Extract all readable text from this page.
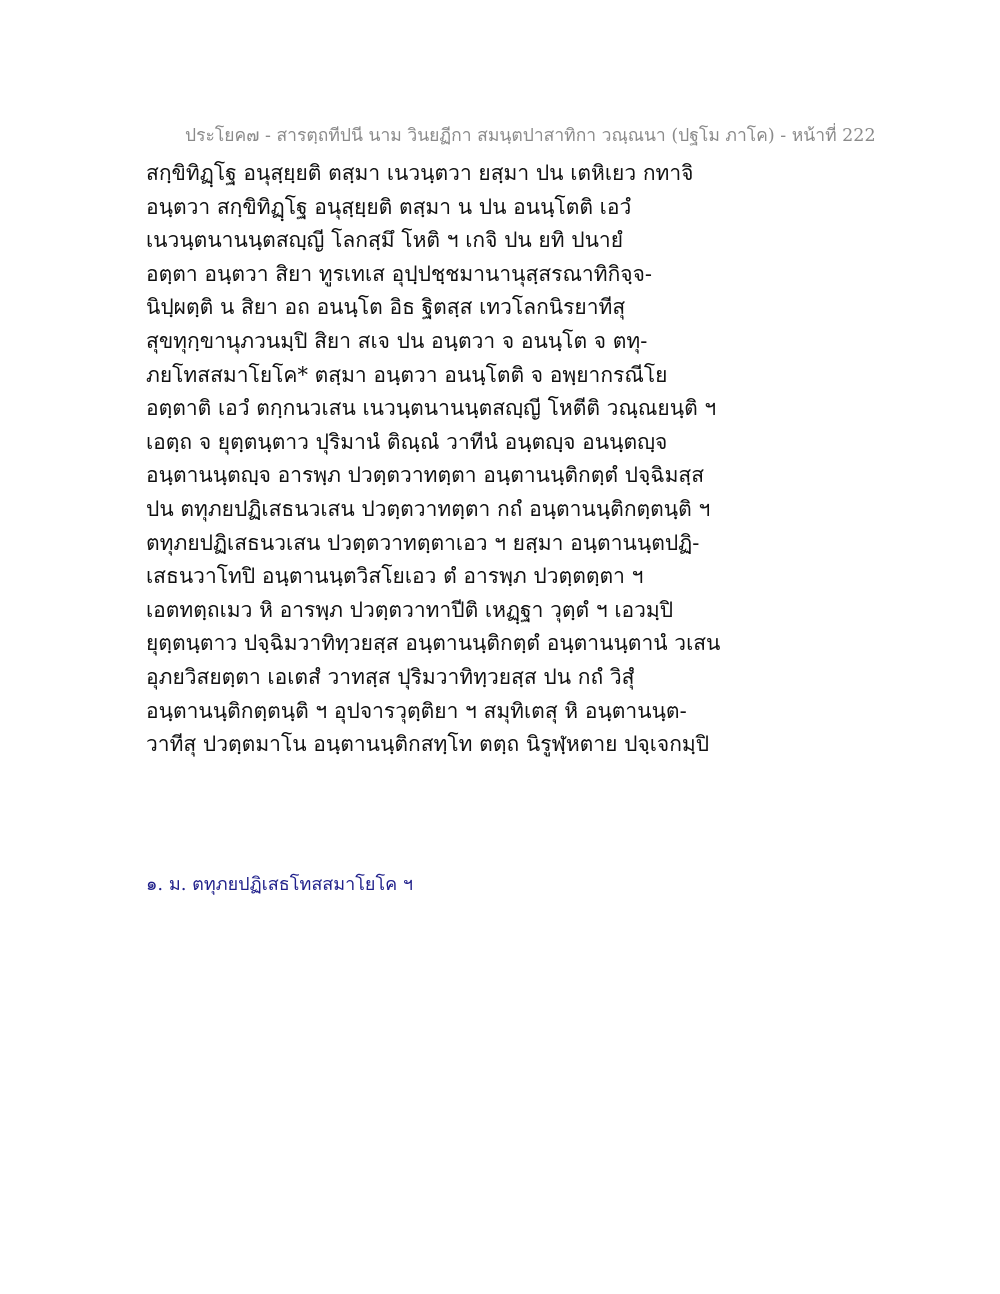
ประโยค๗ - สารตฺถทีปนี นาม วินยฏีกา สมนฺตปาสาทิกา วณฺณนา (ปฐโม ภาโค) - หน้าที่ 222
สกฺขิทิฏฺโฐ อนุสฺยฺยติ ตสฺมา เนวนฺตวา ยสฺมา ปน เตหิเยว กทาจิ
อนฺตวา สกฺขิทิฏฺโฐ อนุสฺยฺยติ ตสฺมา น ปน อนนฺโตติ เอวํ
เนวนฺตนานนฺตสญฺญี โลกสฺมึ โหติ ฯ เกจิ ปน ยทิ ปนายํ
อตฺตา อนฺตวา สิยา ทูรเทเส อุปฺปชฺชมานานุสฺสรณาทิกิจฺจ-
นิปฺผตฺติ น สิยา อถ อนนฺโต อิธ ฐิตสฺส เทวโลกนิรยาทีสุ
สุขทุกฺขานุภวนมฺปิ สิยา สเจ ปน อนฺตวา จ อนนฺโต จ ตทุ-
ภยโทสสมาโยโค* ตสฺมา อนฺตวา อนนฺโตติ จ อพฺยากรณีโย
อตฺตาติ เอวํ ตกฺกนวเสน เนวนฺตนานนฺตสญฺญี โหตีติ วณฺณยนฺติ ฯ
เอตฺถ จ ยุตฺตนฺตาว ปุริมานํ ติณฺณํ วาทีนํ อนฺตญฺจ อนนฺตญฺจ
อนฺตานนฺตญฺจ อารพฺภ ปวตฺตวาทตฺตา อนฺตานนฺติกตฺตํ ปจฺฉิมสฺส
ปน ตทุภยปฏิเสธนวเสน ปวตฺตวาทตฺตา กถํ อนฺตานนฺติกตฺตนฺติ ฯ
ตทุภยปฏิเสธนวเสน ปวตฺตวาทตฺตาเอว ฯ ยสฺมา อนฺตานนฺตปฏิ-
เสธนวาโทปิ อนฺตานนฺตวิสโยเอว ตํ อารพฺภ ปวตฺตตฺตา ฯ
เอตทตฺถเมว หิ อารพฺภ ปวตฺตวาทาปีติ เหฏฺฐา วุตฺตํ ฯ เอวมฺปิ
ยุตฺตนฺตาว ปจฺฉิมวาทิทฺวยสฺส อนฺตานนฺติกตฺตํ อนฺตานนฺตานํ วเสน
อุภยวิสยตฺตา เอเตสํ วาทสฺส ปุริมวาทิทฺวยสฺส ปน กถํ วิสุํ
อนฺตานนฺติกตฺตนฺติ ฯ อุปจารวุตฺติยา ฯ สมุทิเตสุ หิ อนฺตานนฺต-
วาทีสุ ปวตฺตมาโน อนฺตานนฺติกสทฺโท ตตฺถ นิรูฬฺหตาย ปจฺเจกมฺปิ
๑. ม. ตทุภยปฏิเสธโทสสมาโยโค ฯ
